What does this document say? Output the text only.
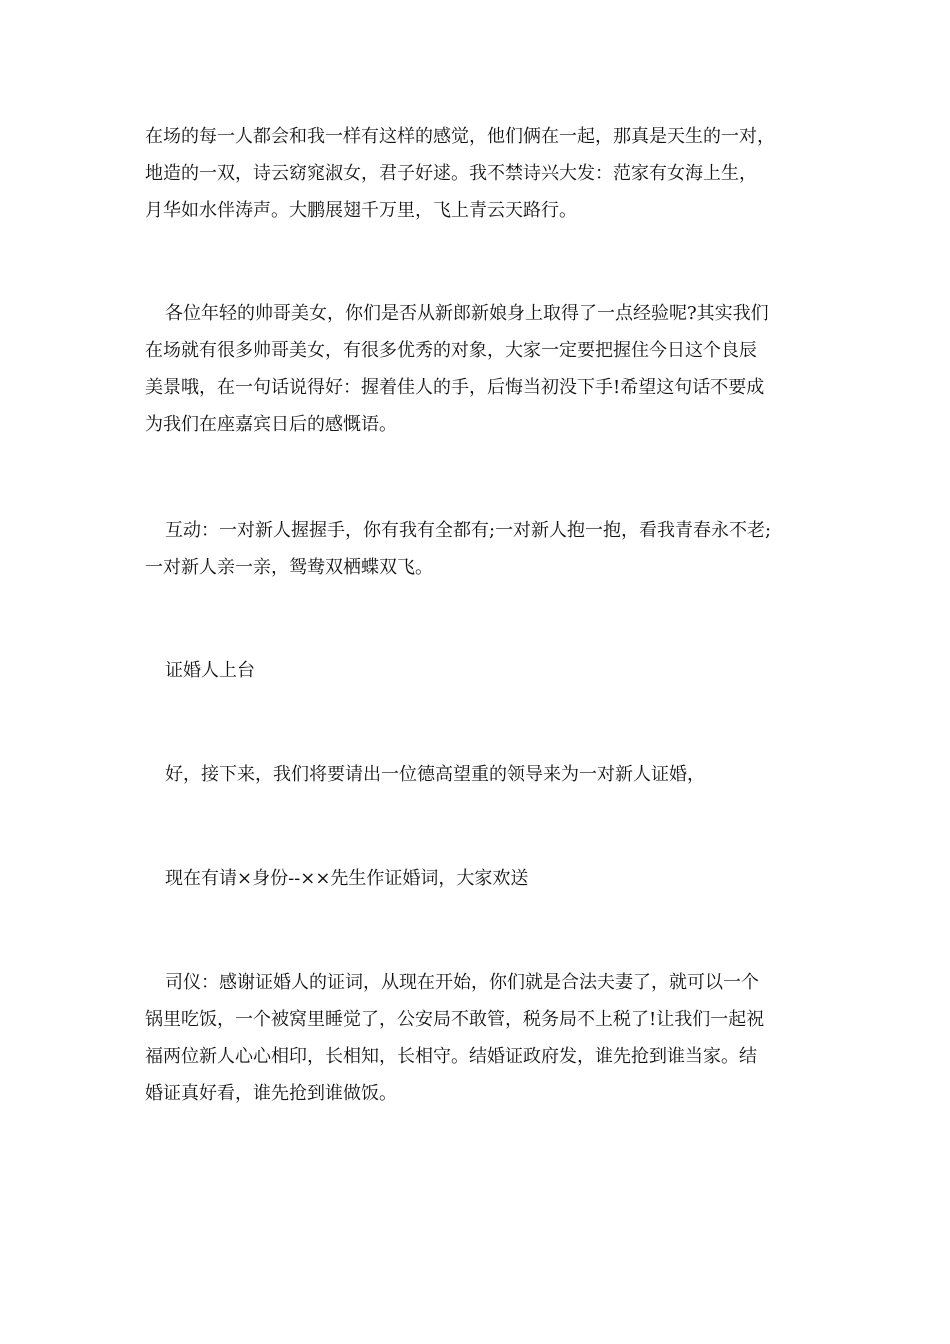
在场的每一人都会和我一样有这样的感觉，他们俩在一起，那真是天生的一对，
地造的一双，诗云窈窕淑女，君子好逑。我不禁诗兴大发：范家有女海上生，
月华如水伴涛声。大鹏展翅千万里，飞上青云天路行。
各位年轻的帅哥美女，你们是否从新郎新娘身上取得了一点经验呢?其实我们
在场就有很多帅哥美女，有很多优秀的对象，大家一定要把握住今日这个良辰
美景哦，在一句话说得好：握着佳人的手，后悔当初没下手!希望这句话不要成
为我们在座嘉宾日后的感慨语。
互动：一对新人握握手，你有我有全都有;一对新人抱一抱，看我青春永不老;
一对新人亲一亲，鸳鸯双栖蝶双飞。
证婚人上台
好，接下来，我们将要请出一位德高望重的领导来为一对新人证婚，
现在有请×身份--××先生作证婚词，大家欢送
司仪：感谢证婚人的证词，从现在开始，你们就是合法夫妻了，就可以一个
锅里吃饭，一个被窝里睡觉了，公安局不敢管，税务局不上税了!让我们一起祝
福两位新人心心相印，长相知，长相守。结婚证政府发，谁先抢到谁当家。结
婚证真好看，谁先抢到谁做饭。
